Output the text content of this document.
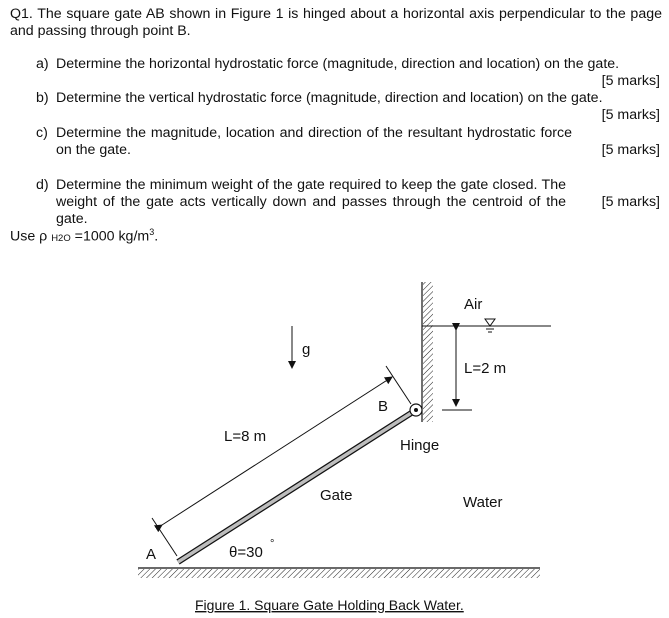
Q1. The square gate AB shown in Figure 1 is hinged about a horizontal axis perpendicular to the page and passing through point B.
a) Determine the horizontal hydrostatic force (magnitude, direction and location) on the gate.
[5 marks]
b) Determine the vertical hydrostatic force (magnitude, direction and location) on the gate.
[5 marks]
c) Determine the magnitude, location and direction of the resultant hydrostatic force on the gate.	[5 marks]
d) Determine the minimum weight of the gate required to keep the gate closed. The weight of the gate acts vertically down and passes through the centroid of the gate.
[5 marks]
Use ρ H2O =1000 $kg/m^3$.
Air
L=2 m
g
B
Hinge
L=8 m
Gate	Water
A	θ=30 °
Figure 1. Square Gate Holding Back Water.
